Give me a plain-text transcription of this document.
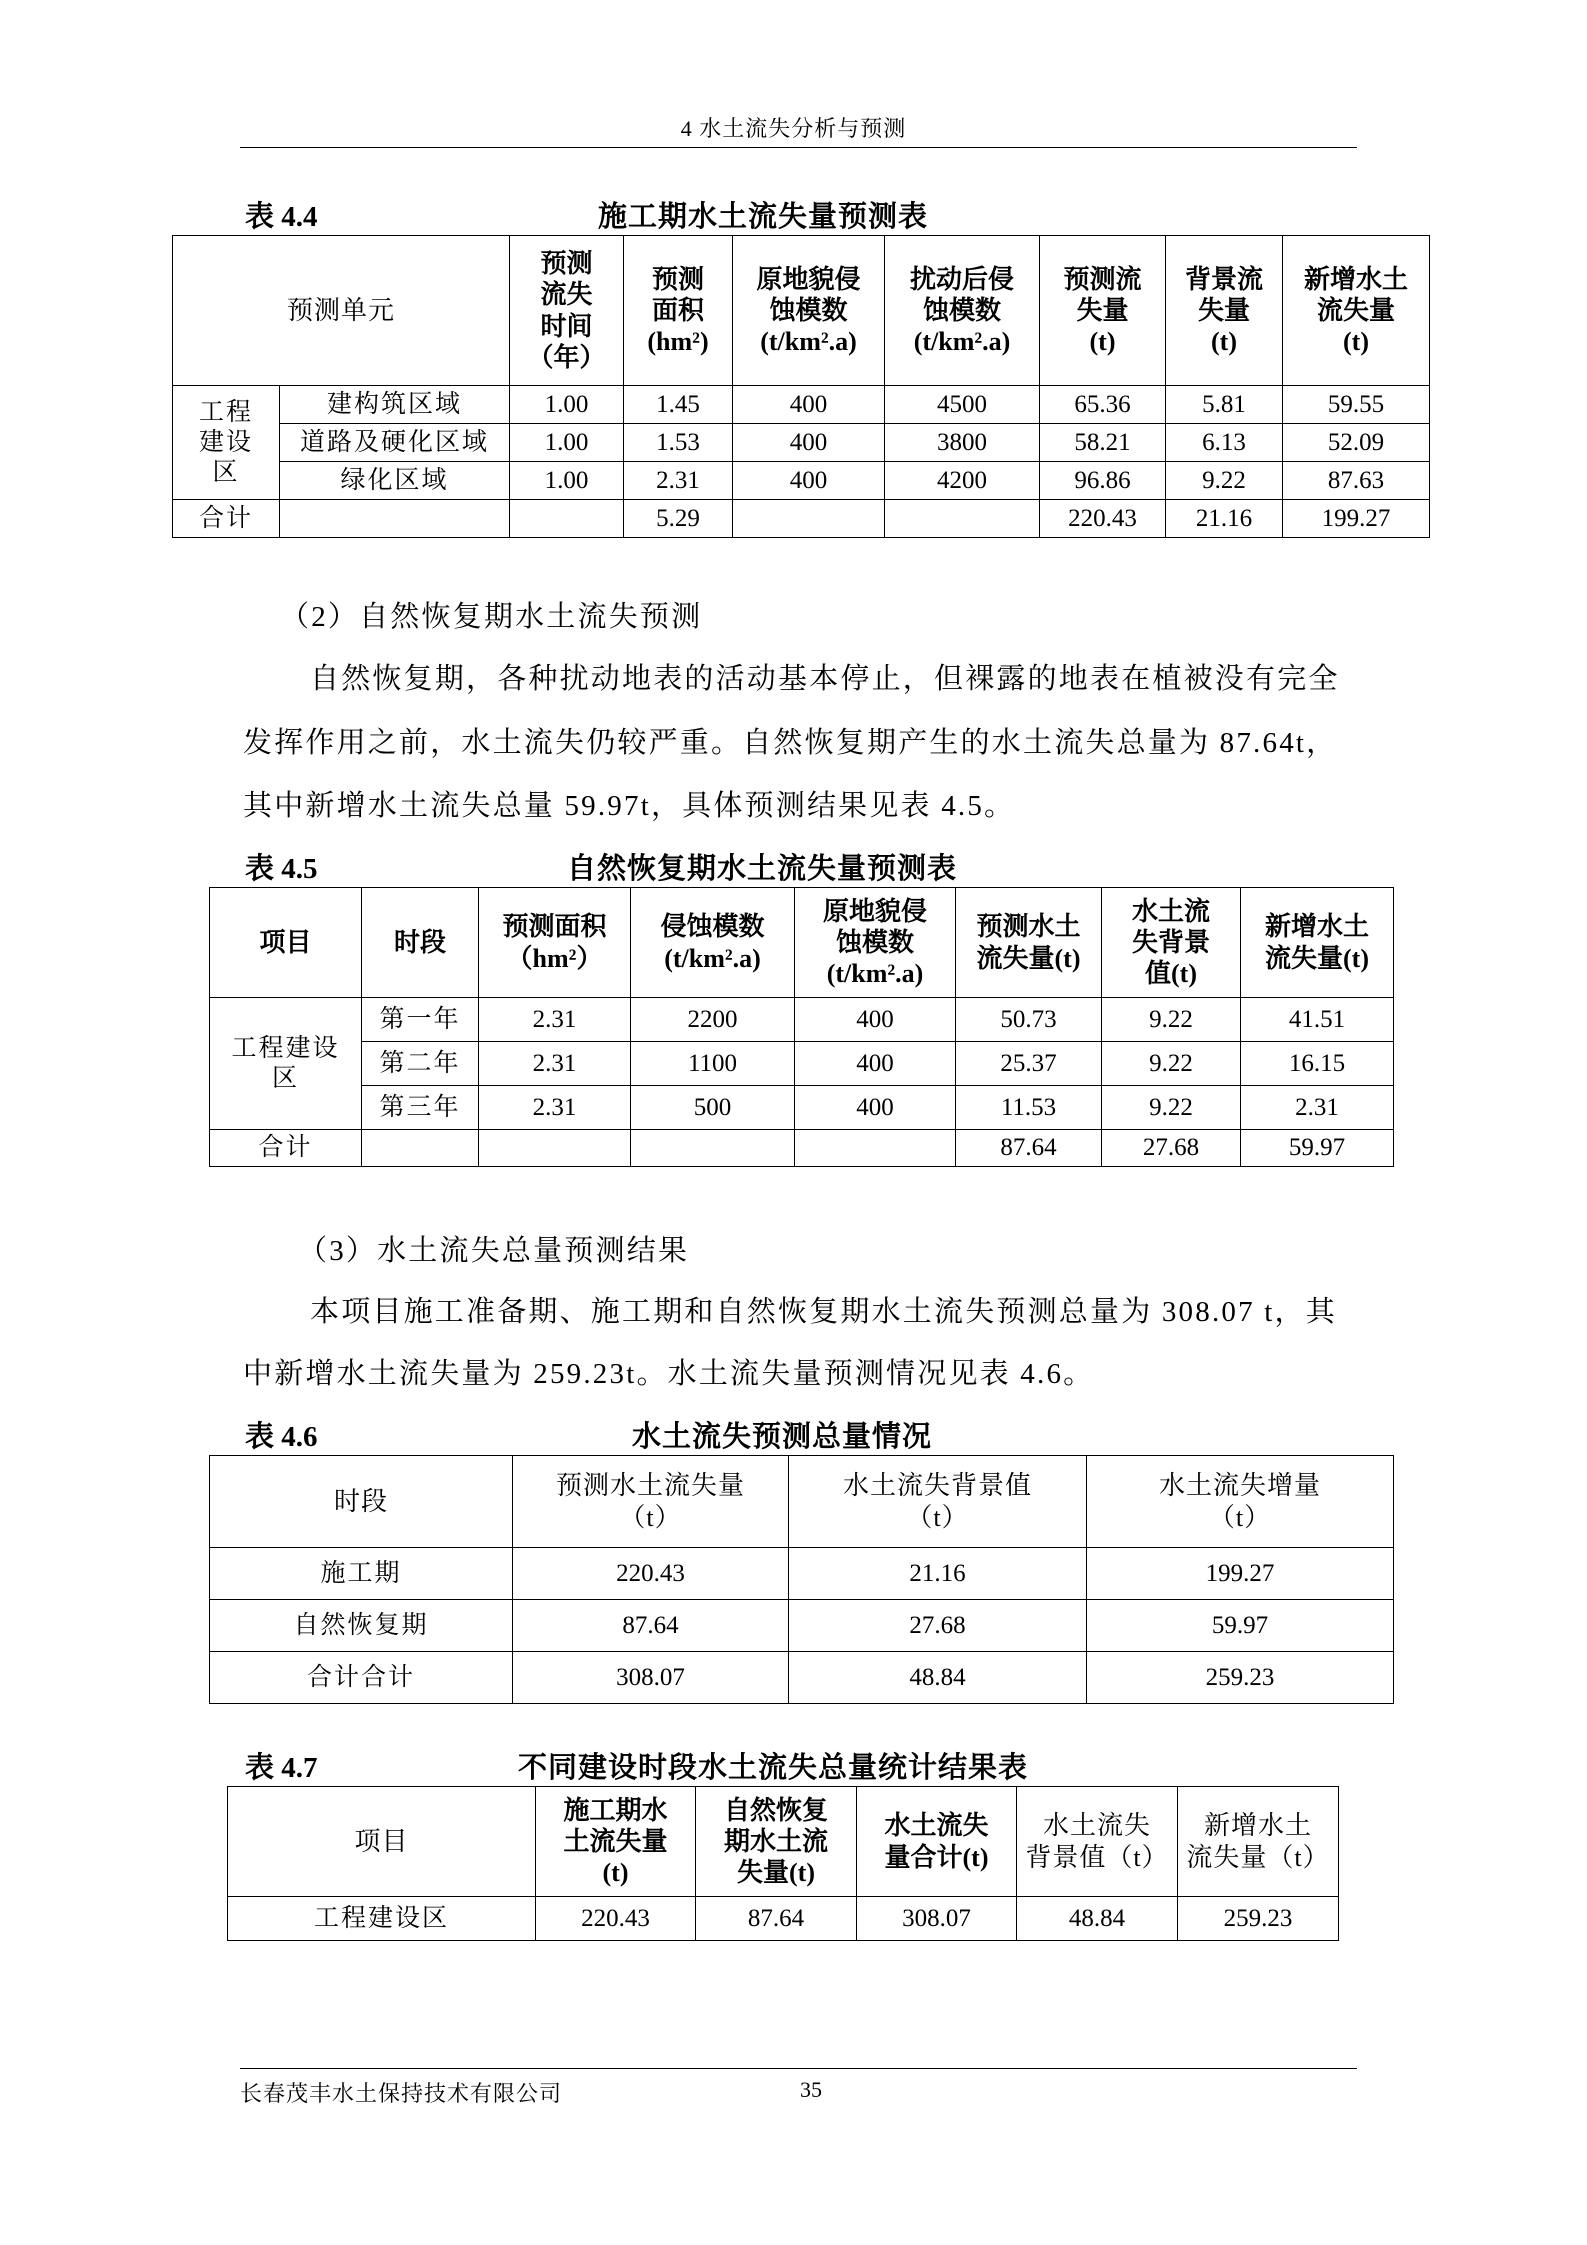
4 水土流失分析与预测
表 4.4	施工期水土流失量预测表
预测单元		预测
流失
时间
（年）	预测
面积
(hm²)	原地貌侵
蚀模数
(t/km².a)	扰动后侵
蚀模数
(t/km².a)	预测流
失量
(t)	背景流
失量
(t)	新增水土
流失量
(t)
工程
建设
区	建构筑区域	1.00	1.45	400	4500	65.36	5.81	59.55
	道路及硬化区域	1.00	1.53	400	3800	58.21	6.13	52.09
	绿化区域	1.00	2.31	400	4200	96.86	9.22	87.63
合计			5.29			220.43	21.16	199.27
（2）自然恢复期水土流失预测
自然恢复期，各种扰动地表的活动基本停止，但裸露的地表在植被没有完全
发挥作用之前，水土流失仍较严重。自然恢复期产生的水土流失总量为 87.64t，
其中新增水土流失总量 59.97t，具体预测结果见表 4.5。
表 4.5	自然恢复期水土流失量预测表
项目	时段	预测面积
（hm²）	侵蚀模数
(t/km².a)	原地貌侵
蚀模数
(t/km².a)	预测水土
流失量(t)	水土流
失背景
值(t)	新增水土
流失量(t)
工程建设
区	第一年	2.31	2200	400	50.73	9.22	41.51
	第二年	2.31	1100	400	25.37	9.22	16.15
	第三年	2.31	500	400	11.53	9.22	2.31
合计					87.64	27.68	59.97
（3）水土流失总量预测结果
本项目施工准备期、施工期和自然恢复期水土流失预测总量为 308.07 t，其
中新增水土流失量为 259.23t。水土流失量预测情况见表 4.6。
表 4.6	水土流失预测总量情况
时段	预测水土流失量
（t）	水土流失背景值
（t）	水土流失增量
（t）
施工期	220.43	21.16	199.27
自然恢复期	87.64	27.68	59.97
合计合计	308.07	48.84	259.23
表 4.7	不同建设时段水土流失总量统计结果表
项目	施工期水
土流失量
(t)	自然恢复
期水土流
失量(t)	水土流失
量合计(t)	水土流失
背景值（t）	新增水土
流失量（t）
工程建设区	220.43	87.64	308.07	48.84	259.23
长春茂丰水土保持技术有限公司	35
